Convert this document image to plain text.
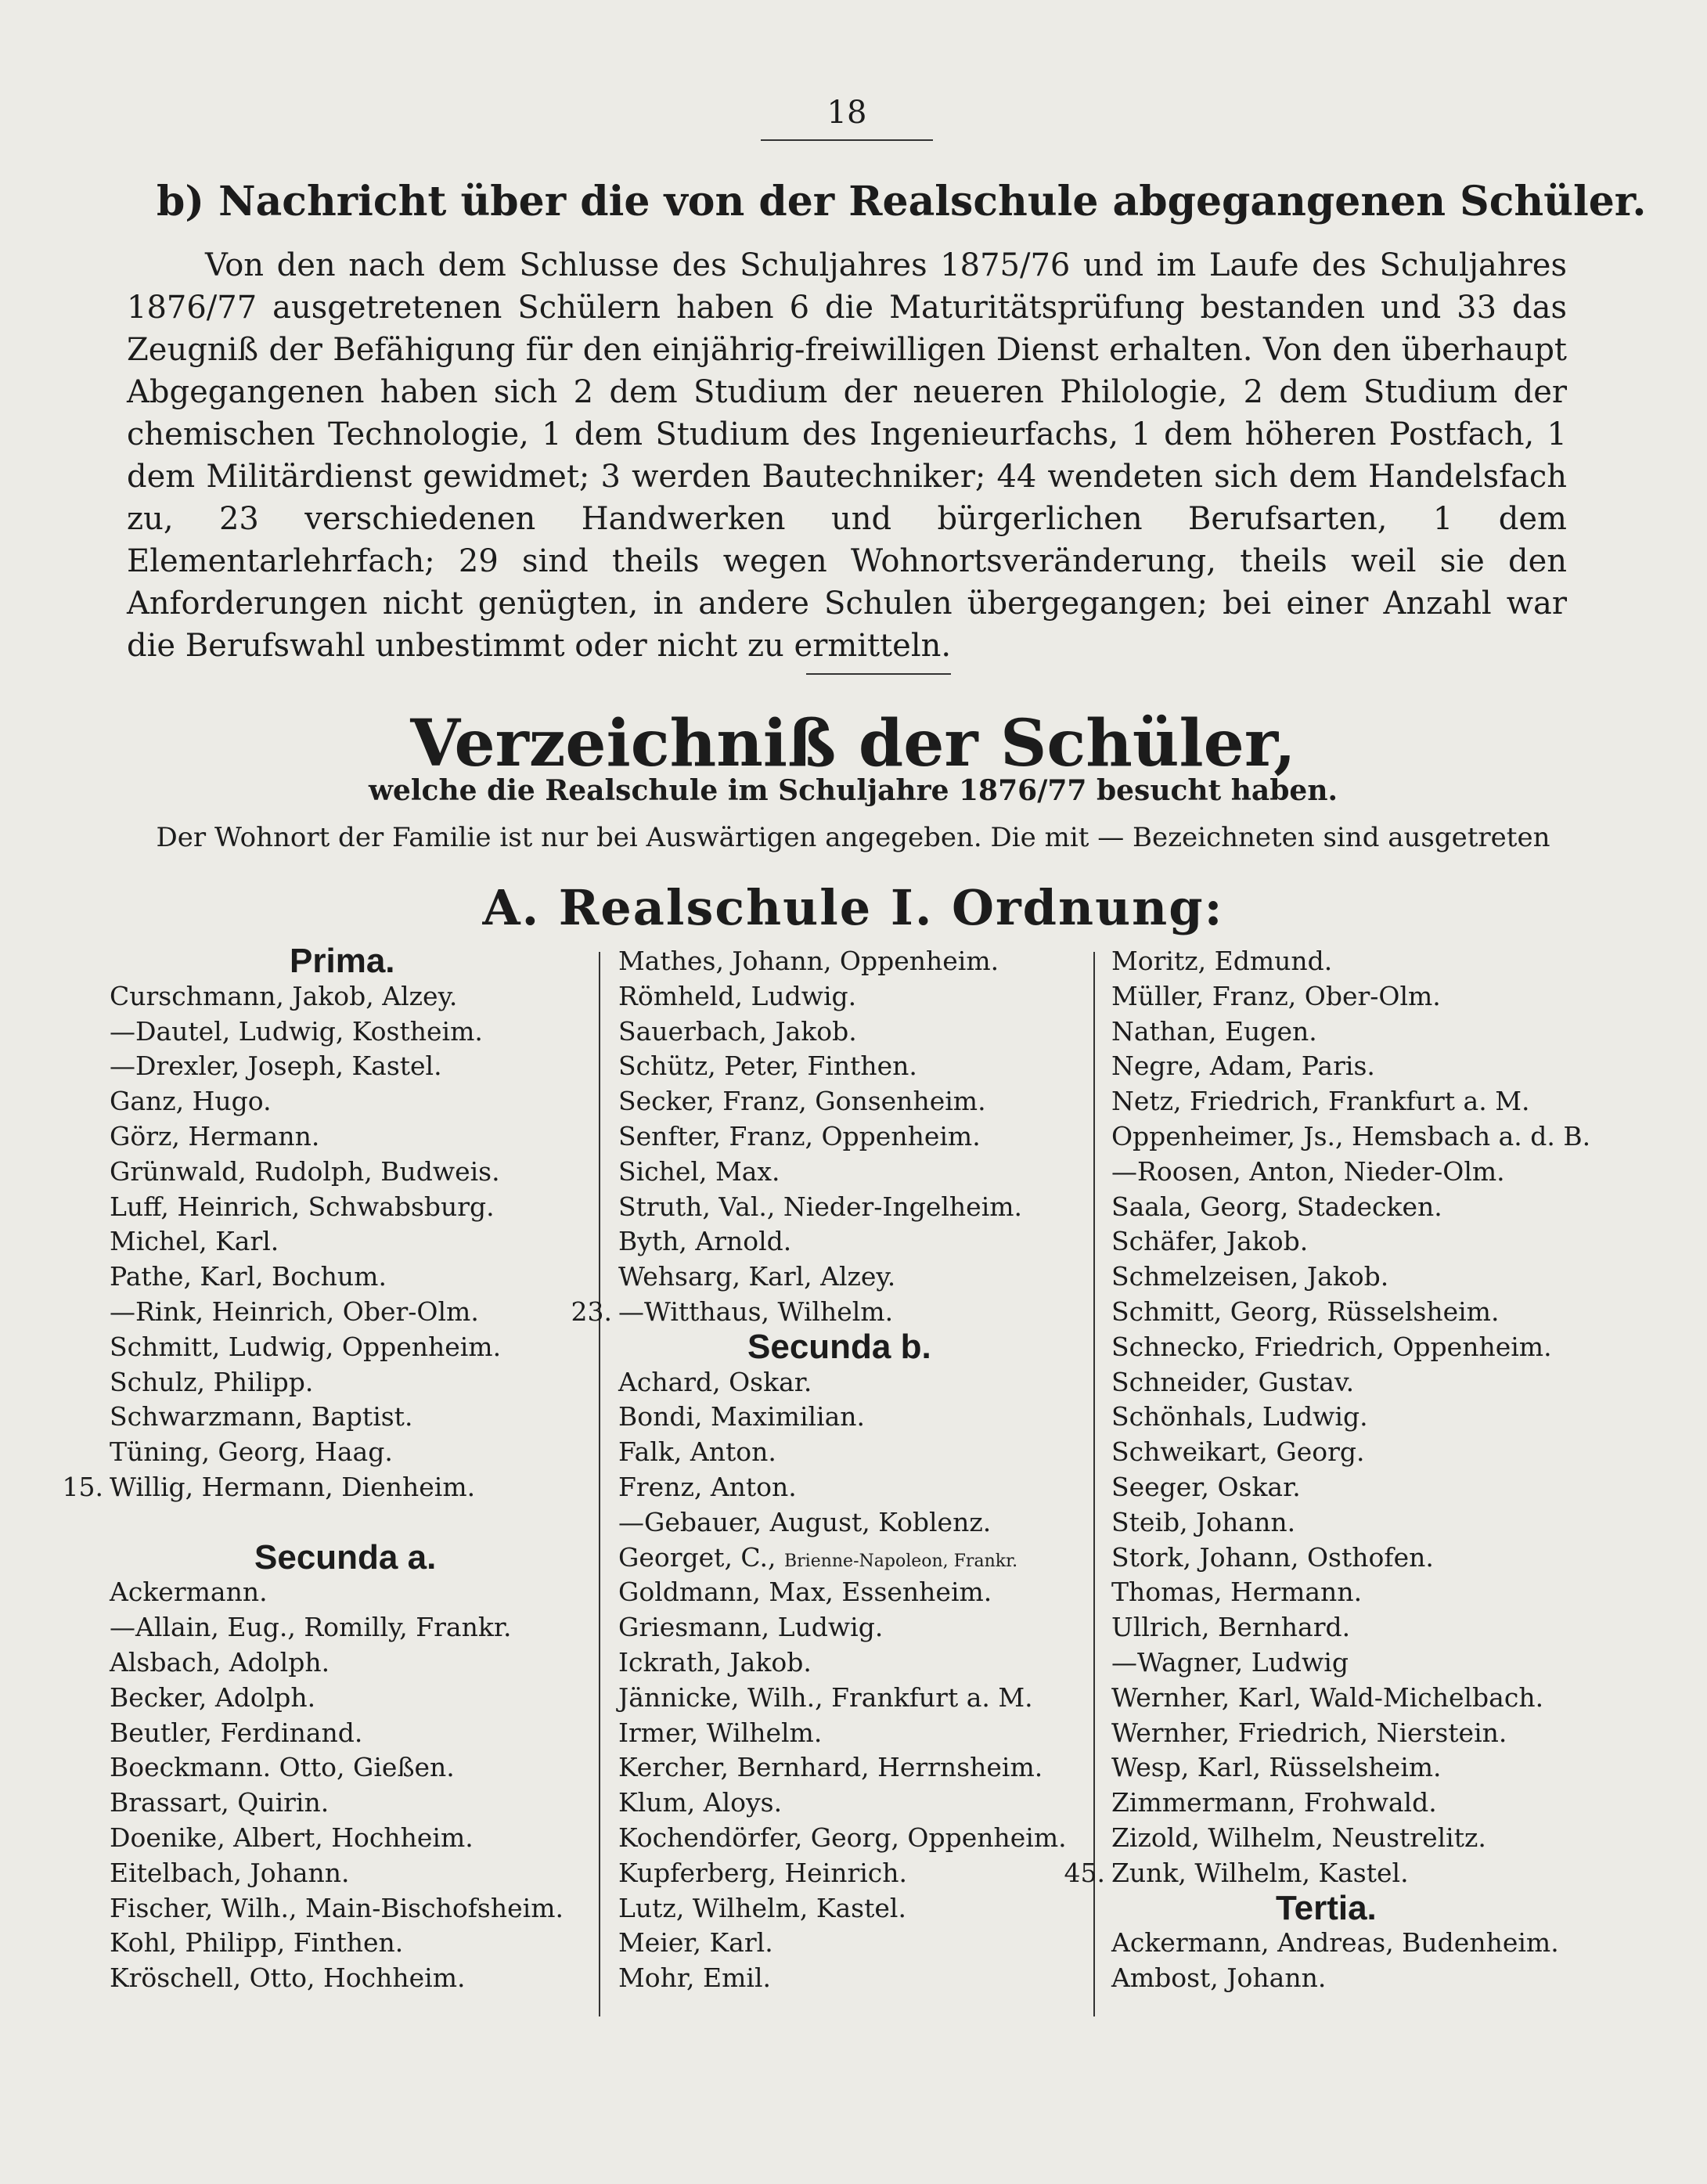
18
b) Nachricht über die von der Realschule abgegangenen Schüler.
Von den nach dem Schlusse des Schuljahres 1875/76 und im Laufe des Schuljahres 1876/77 ausgetretenen Schülern haben 6 die Maturitätsprüfung bestanden und 33 das Zeugniß der Befähigung für den einjährig-freiwilligen Dienst erhalten. Von den überhaupt Abgegangenen haben sich 2 dem Studium der neueren Philologie, 2 dem Studium der chemischen Technologie, 1 dem Studium des Ingenieurfachs, 1 dem höheren Postfach, 1 dem Militärdienst gewidmet; 3 werden Bautechniker; 44 wendeten sich dem Handelsfach zu, 23 verschiedenen Handwerken und bürgerlichen Berufsarten, 1 dem Elementarlehrfach; 29 sind theils wegen Wohnortsveränderung, theils weil sie den Anforderungen nicht genügten, in andere Schulen übergegangen; bei einer Anzahl war die Berufswahl unbestimmt oder nicht zu ermitteln.
Verzeichniß der Schüler,
welche die Realschule im Schuljahre 1876/77 besucht haben.
Der Wohnort der Familie ist nur bei Auswärtigen angegeben. Die mit — Bezeichneten sind ausgetreten
A. Realschule I. Ordnung:
Prima.
Curschmann, Jakob, Alzey.
—Dautel, Ludwig, Kostheim.
—Drexler, Joseph, Kastel.
Ganz, Hugo.
Görz, Hermann.
Grünwald, Rudolph, Budweis.
Luff, Heinrich, Schwabsburg.
Michel, Karl.
Pathe, Karl, Bochum.
—Rink, Heinrich, Ober-Olm.
Schmitt, Ludwig, Oppenheim.
Schulz, Philipp.
Schwarzmann, Baptist.
Tüning, Georg, Haag.
15. Willig, Hermann, Dienheim.
Secunda a.
Ackermann.
—Allain, Eug., Romilly, Frankr.
Alsbach, Adolph.
Becker, Adolph.
Beutler, Ferdinand.
Boeckmann. Otto, Gießen.
Brassart, Quirin.
Doenike, Albert, Hochheim.
Eitelbach, Johann.
Fischer, Wilh., Main-Bischofsheim.
Kohl, Philipp, Finthen.
Kröschell, Otto, Hochheim.
Mathes, Johann, Oppenheim.
Römheld, Ludwig.
Sauerbach, Jakob.
Schütz, Peter, Finthen.
Secker, Franz, Gonsenheim.
Senfter, Franz, Oppenheim.
Sichel, Max.
Struth, Val., Nieder-Ingelheim.
Byth, Arnold.
Wehsarg, Karl, Alzey.
23. —Witthaus, Wilhelm.
Secunda b.
Achard, Oskar.
Bondi, Maximilian.
Falk, Anton.
Frenz, Anton.
—Gebauer, August, Koblenz.
Georget, C., Brienne-Napoleon, Frankr.
Goldmann, Max, Essenheim.
Griesmann, Ludwig.
Ickrath, Jakob.
Jännicke, Wilh., Frankfurt a. M.
Irmer, Wilhelm.
Kercher, Bernhard, Herrnsheim.
Klum, Aloys.
Kochendörfer, Georg, Oppenheim.
Kupferberg, Heinrich.
Lutz, Wilhelm, Kastel.
Meier, Karl.
Mohr, Emil.
Moritz, Edmund.
Müller, Franz, Ober-Olm.
Nathan, Eugen.
Negre, Adam, Paris.
Netz, Friedrich, Frankfurt a. M.
Oppenheimer, Js., Hemsbach a. d. B.
—Roosen, Anton, Nieder-Olm.
Saala, Georg, Stadecken.
Schäfer, Jakob.
Schmelzeisen, Jakob.
Schmitt, Georg, Rüsselsheim.
Schnecko, Friedrich, Oppenheim.
Schneider, Gustav.
Schönhals, Ludwig.
Schweikart, Georg.
Seeger, Oskar.
Steib, Johann.
Stork, Johann, Osthofen.
Thomas, Hermann.
Ullrich, Bernhard.
—Wagner, Ludwig
Wernher, Karl, Wald-Michelbach.
Wernher, Friedrich, Nierstein.
Wesp, Karl, Rüsselsheim.
Zimmermann, Frohwald.
Zizold, Wilhelm, Neustrelitz.
45. Zunk, Wilhelm, Kastel.
Tertia.
Ackermann, Andreas, Budenheim.
Ambost, Johann.
